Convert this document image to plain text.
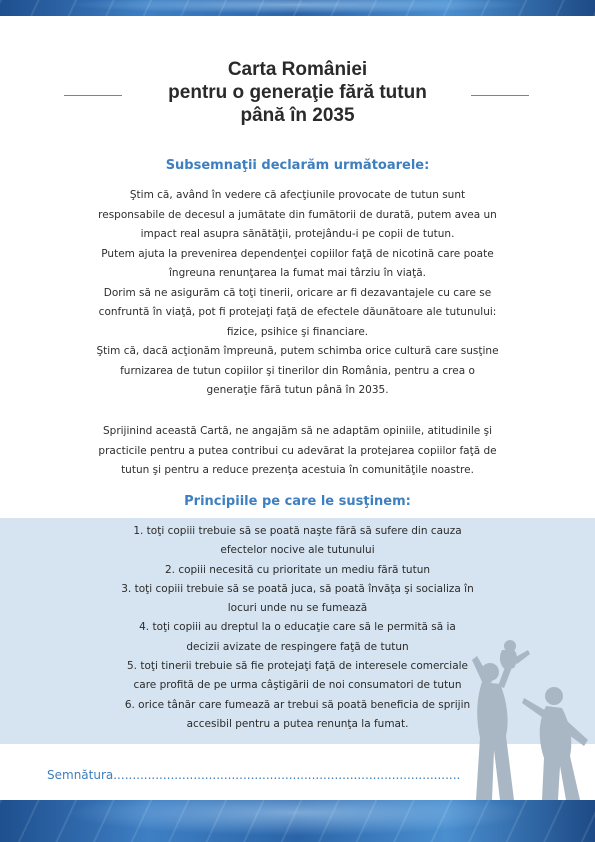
Carta României
pentru o generaţie fără tutun
până în 2035
Subsemnaţii declarăm următoarele:
Ştim că, având în vedere că afecţiunile provocate de tutun sunt
responsabile de decesul a jumătate din fumătorii de durată, putem avea un
impact real asupra sănătăţii, protejându-i pe copii de tutun.
Putem ajuta la prevenirea dependenţei copiilor faţă de nicotină care poate
îngreuna renunţarea la fumat mai târziu în viaţă.
Dorim să ne asigurăm că toţi tinerii, oricare ar fi dezavantajele cu care se
confruntă în viaţă, pot fi protejaţi faţă de efectele dăunătoare ale tutunului:
fizice, psihice şi financiare.
Ştim că, dacă acţionăm împreună, putem schimba orice cultură care susţine
furnizarea de tutun copiilor şi tinerilor din România, pentru a crea o
generaţie fără tutun până în 2035.
Sprijinind această Cartă, ne angajăm să ne adaptăm opiniile, atitudinile şi
practicile pentru a putea contribui cu adevărat la protejarea copiilor faţă de
tutun şi pentru a reduce prezenţa acestuia în comunităţile noastre.
Principiile pe care le susţinem:
1. toţi copiii trebuie să se poată naşte fără să sufere din cauza
efectelor nocive ale tutunului
2. copiii necesită cu prioritate un mediu fără tutun
3. toţi copiii trebuie să se poată juca, să poată învăţa şi socializa în
locuri unde nu se fumează
4. toţi copiii au dreptul la o educaţie care să le permită să ia
decizii avizate de respingere faţă de tutun
5. toţi tinerii trebuie să fie protejaţi faţă de interesele comerciale
care profită de pe urma câştigării de noi consumatori de tutun
6. orice tânăr care fumează ar trebui să poată beneficia de sprijin
accesibil pentru a putea renunţa la fumat.
Semnătura...........................................................................................
